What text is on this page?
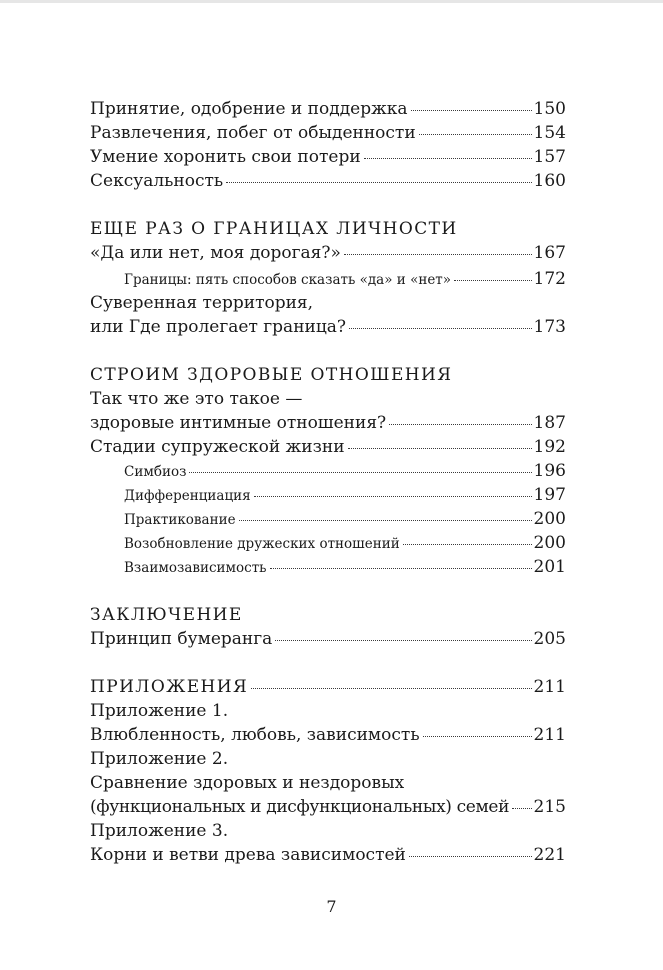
Принятие, одобрение и поддержка	150
Развлечения, побег от обыденности	154
Умение хоронить свои потери	157
Сексуальность	160
ЕЩЕ РАЗ О ГРАНИЦАХ ЛИЧНОСТИ
«Да или нет, моя дорогая?»	167
Границы: пять способов сказать «да» и «нет»	172
Суверенная территория,
или Где пролегает граница?	173
СТРОИМ ЗДОРОВЫЕ ОТНОШЕНИЯ
Так что же это такое —
здоровые интимные отношения?	187
Стадии супружеской жизни	192
Симбиоз	196
Дифференциация	197
Практикование	200
Возобновление дружеских отношений	200
Взаимозависимость	201
ЗАКЛЮЧЕНИЕ
Принцип бумеранга	205
ПРИЛОЖЕНИЯ	211
Приложение 1.
Влюбленность, любовь, зависимость	211
Приложение 2.
Сравнение здоровых и нездоровых
(функциональных и дисфункциональных) семей 215
Приложение 3.
Корни и ветви древа зависимостей	221
7
